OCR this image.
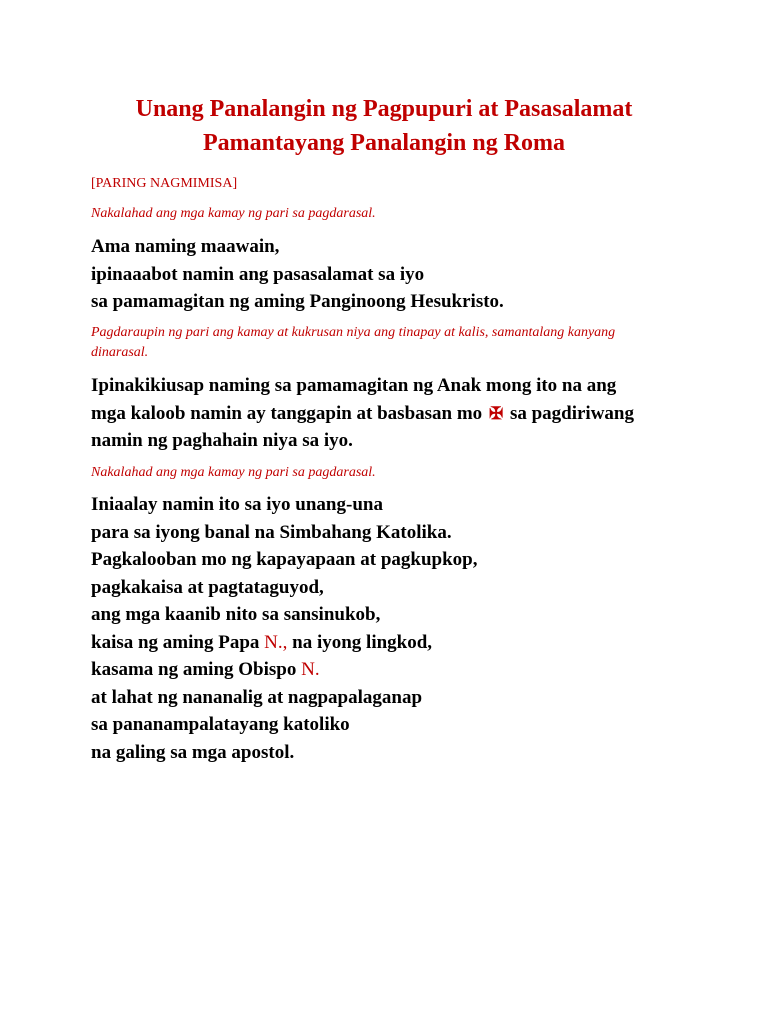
Unang Panalangin ng Pagpupuri at Pasasalamat
Pamantayang Panalangin ng Roma
[PARING NAGMIMISA]
Nakalahad ang mga kamay ng pari sa pagdarasal.
Ama naming maawain,
ipinaaabot namin ang pasasalamat sa iyo
sa pamamagitan ng aming Panginoong Hesukristo.
Pagdaraupin ng pari ang kamay at kukrusan niya ang tinapay at kalis, samantalang kanyang
dinarasal.
Ipinakikiusap naming sa pamamagitan ng Anak mong ito na ang
mga kaloob namin ay tanggapin at basbasan mo ✠ sa pagdiriwang
namin ng paghahain niya sa iyo.
Nakalahad ang mga kamay ng pari sa pagdarasal.
Iniaalay namin ito sa iyo unang-una
para sa iyong banal na Simbahang Katolika.
Pagkalooban mo ng kapayapaan at pagkupkop,
pagkakaisa at pagtataguyod,
ang mga kaanib nito sa sansinukob,
kaisa ng aming Papa N., na iyong lingkod,
kasama ng aming Obispo N.
at lahat ng nananalig at nagpapalaganap
sa pananampalatayang katoliko
na galing sa mga apostol.
